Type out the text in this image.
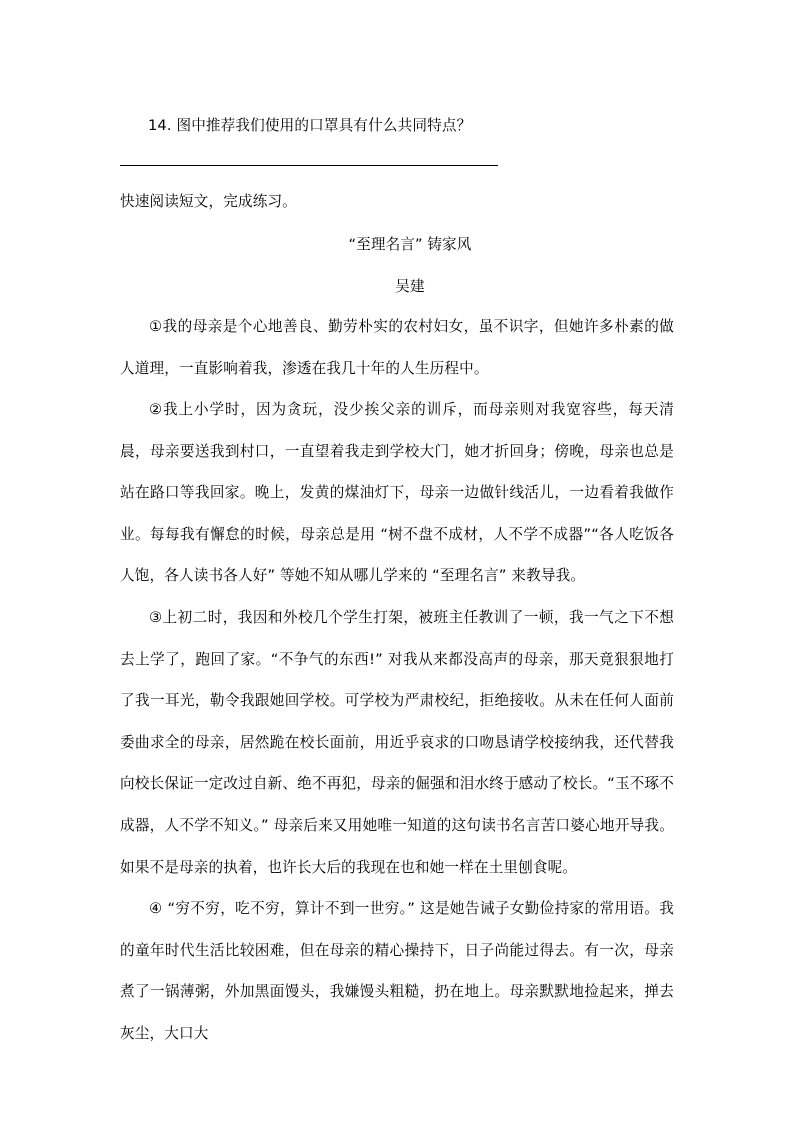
14. 图中推荐我们使用的口罩具有什么共同特点？
快速阅读短文，完成练习。
“至理名言” 铸家风
吴建
①我的母亲是个心地善良、勤劳朴实的农村妇女，虽不识字，但她许多朴素的做人道理，一直影响着我，渗透在我几十年的人生历程中。
②我上小学时，因为贪玩，没少挨父亲的训斥，而母亲则对我宽容些，每天清晨，母亲要送我到村口，一直望着我走到学校大门，她才折回身；傍晚，母亲也总是站在路口等我回家。晚上，发黄的煤油灯下，母亲一边做针线活儿，一边看着我做作业。每每我有懈怠的时候，母亲总是用 “树不盘不成材，人不学不成器”“各人吃饭各人饱，各人读书各人好” 等她不知从哪儿学来的 “至理名言” 来教导我。
③上初二时，我因和外校几个学生打架，被班主任教训了一顿，我一气之下不想去上学了，跑回了家。“不争气的东西!” 对我从来都没高声的母亲，那天竟狠狠地打了我一耳光，勒令我跟她回学校。可学校为严肃校纪，拒绝接收。从未在任何人面前委曲求全的母亲，居然跪在校长面前，用近乎哀求的口吻恳请学校接纳我，还代替我向校长保证一定改过自新、绝不再犯，母亲的倔强和泪水终于感动了校长。“玉不琢不成器，人不学不知义。” 母亲后来又用她唯一知道的这句读书名言苦口婆心地开导我。如果不是母亲的执着，也许长大后的我现在也和她一样在土里刨食呢。
④ “穷不穷，吃不穷，算计不到一世穷。” 这是她告诫子女勤俭持家的常用语。我的童年时代生活比较困难，但在母亲的精心操持下，日子尚能过得去。有一次，母亲煮了一锅薄粥，外加黑面馒头，我嫌馒头粗糙，扔在地上。母亲默默地捡起来，掸去灰尘，大口大
